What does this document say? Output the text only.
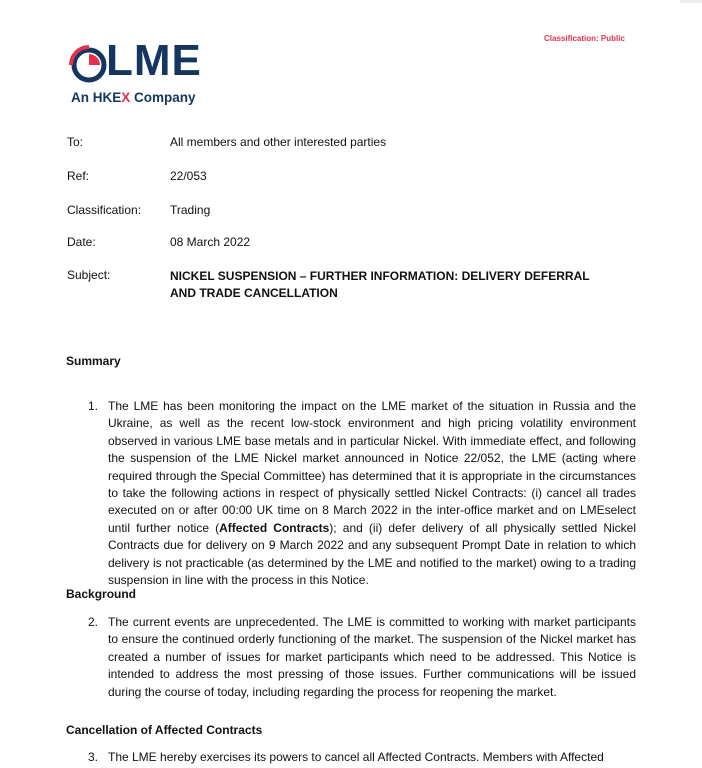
Classification: Public
LME
An HKEX Company
To:	All members and other interested parties
Ref:	22/053
Classification:	Trading
Date:	08 March 2022
Subject:	NICKEL SUSPENSION – FURTHER INFORMATION: DELIVERY DEFERRAL
AND TRADE CANCELLATION
Summary
1. The LME has been monitoring the impact on the LME market of the situation in Russia and the Ukraine, as well as the recent low-stock environment and high pricing volatility environment observed in various LME base metals and in particular Nickel. With immediate effect, and following the suspension of the LME Nickel market announced in Notice 22/052, the LME (acting where required through the Special Committee) has determined that it is appropriate in the circumstances to take the following actions in respect of physically settled Nickel Contracts: (i) cancel all trades executed on or after 00:00 UK time on 8 March 2022 in the inter-office market and on LMEselect until further notice (Affected Contracts); and (ii) defer delivery of all physically settled Nickel Contracts due for delivery on 9 March 2022 and any subsequent Prompt Date in relation to which delivery is not practicable (as determined by the LME and notified to the market) owing to a trading suspension in line with the process in this Notice.
Background
2. The current events are unprecedented. The LME is committed to working with market participants to ensure the continued orderly functioning of the market. The suspension of the Nickel market has created a number of issues for market participants which need to be addressed. This Notice is intended to address the most pressing of those issues. Further communications will be issued during the course of today, including regarding the process for reopening the market.
Cancellation of Affected Contracts
3. The LME hereby exercises its powers to cancel all Affected Contracts. Members with Affected
